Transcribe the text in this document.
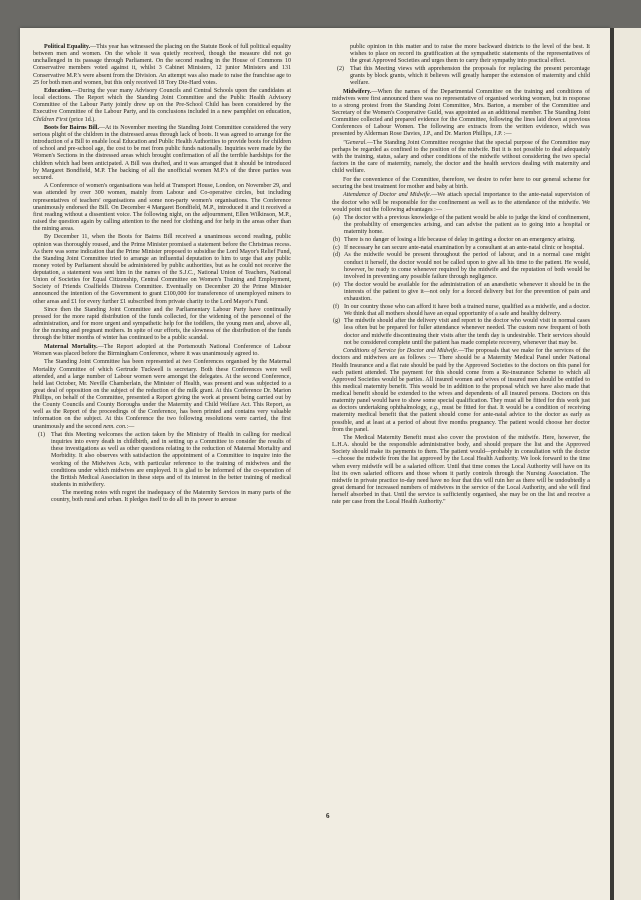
Political Equality.—This year has witnessed the placing on the Statute Book of full political equality between men and women. On the whole it was quietly received, though the measure did not go unchallenged in its passage through Parliament. On the second reading in the House of Commons 10 Conservative members voted against it, whilst 3 Cabinet Ministers, 12 junior Ministers and 131 Conservative M.P.'s were absent from the Division. An attempt was also made to raise the franchise age to 25 for both men and women, but this only received 18 Tory Die-Hard votes.

Education.—During the year many Advisory Councils and Central Schools upon the candidates at local elections. The Report which the Standing Joint Committee and the Public Health Advisory Committee of the Labour Party jointly drew up on the Pre-School Child has been considered by the Executive Committee of the Labour Party, and its conclusions included in a new pamphlet on education, Children First (price 1d.).

Boots for Bairns Bill.—At its November meeting the Standing Joint Committee considered the very serious plight of the children in the distressed areas through lack of boots. It was agreed to arrange for the introduction of a Bill to enable local Education and Public Health Authorities to provide boots for children of school and pre-school age, the cost to be met from public funds nationally. Inquiries were made by the Women's Sections in the distressed areas which brought confirmation of all the terrible hardships for the children which had been anticipated. A Bill was drafted, and it was arranged that it should be introduced by Margaret Bondfield, M.P. The backing of all the unofficial women M.P.'s of the three parties was secured.

A Conference of women's organisations was held at Transport House, London, on November 29, and was attended by over 300 women, mainly from Labour and Co-operative circles, but including representatives of teachers' organisations and some non-party women's organisations. The Conference unanimously endorsed the Bill. On December 4 Margaret Bondfield, M.P., introduced it and it received a first reading without a dissentient voice. The following night, on the adjournment, Ellen Wilkinson, M.P., raised the question again by calling attention to the need for clothing and for help in the areas other than the mining areas.

By December 11, when the Boots for Bairns Bill received a unanimous second reading, public opinion was thoroughly roused, and the Prime Minister promised a statement before the Christmas recess. As there was some indication that the Prime Minister proposed to subsidise the Lord Mayor's Relief Fund, the Standing Joint Committee tried to arrange an influential deputation to him to urge that any public money voted by Parliament should be administered by public authorities, but as he could not receive the deputation, a statement was sent him in the names of the S.J.C., National Union of Teachers, National Union of Societies for Equal Citizenship, Central Committee on Women's Training and Employment, Society of Friends Coalfields Distress Committee. Eventually on December 20 the Prime Minister announced the intention of the Government to grant £100,000 for transference of unemployed miners to other areas and £1 for every further £1 subscribed from private charity to the Lord Mayor's Fund.

Since then the Standing Joint Committee and the Parliamentary Labour Party have continually pressed for the more rapid distribution of the funds collected, for the widening of the personnel of the administration, and for more urgent and sympathetic help for the toddlers, the young men and, above all, for the nursing and pregnant mothers. In spite of our efforts, the slowness of the distribution of the funds through the bitter months of winter has continued to be a public scandal.

Maternal Mortality.—The Report adopted at the Portsmouth National Conference of Labour Women was placed before the Birmingham Conference, where it was unanimously agreed to.

The Standing Joint Committee has been represented at two Conferences organised by the Maternal Mortality Committee of which Gertrude Tuckwell is secretary. Both these Conferences were well attended, and a large number of Labour women were amongst the delegates. At the second Conference, held last October, Mr. Neville Chamberlain, the Minister of Health, was present and was subjected to a great deal of opposition on the subject of the reduction of the milk grant. At this Conference Dr. Marion Phillips, on behalf of the Committee, presented a Report giving the work at present being carried out by the County Councils and County Boroughs under the Maternity and Child Welfare Act. This Report, as well as the Report of the proceedings of the Conference, has been printed and contains very valuable information on the subject. At this Conference the two following resolutions were carried, the first unanimously and the second nem. con.:—

(1) That this Meeting welcomes the action taken by the Ministry of Health in calling for medical inquiries into every death in childbirth, and in setting up a Committee to consider the results of these investigations as well as other questions relating to the reduction of Maternal Mortality and Morbidity. It also observes with satisfaction the appointment of a Committee to inquire into the working of the Midwives Acts, with particular reference to the training of midwives and the conditions under which midwives are employed. It is glad to be informed of the co-operation of the British Medical Association in these steps and of its interest in the better training of medical students in midwifery.
The meeting notes with regret the inadequacy of the Maternity Services in many parts of the country, both rural and urban. It pledges itself to do all in its power to arouse
public opinion in this matter and to raise the more backward districts to the level of the best. It wishes to place on record its gratification at the sympathetic statements of the representatives of the great Approved Societies and urges them to carry their sympathy into practical effect.
(2) That this Meeting views with apprehension the proposals for replacing the present percentage grants by block grants, which it believes will greatly hamper the extension of maternity and child welfare.

Midwifery.—When the names of the Departmental Committee on the training and conditions of midwives were first announced there was no representative of organised working women, but in response to a strong protest from the Standing Joint Committee, Mrs. Barton, a member of the Committee and Secretary of the Women's Cooperative Guild, was appointed as an additional member. The Standing Joint Committee collected and prepared evidence for the Committee, following the lines laid down at previous Conferences of Labour Women. The following are extracts from the written evidence, which was presented by Alderman Rose Davies, J.P., and Dr. Marion Phillips, J.P. :—

"General.—The Standing Joint Committee recognise that the special purpose of the Committee may perhaps be regarded as confined to the position of the midwife. But it is not possible to deal adequately with the training, status, salary and other conditions of the midwife without considering the two special factors in the care of maternity, namely, the doctor and the health services dealing with maternity and child welfare.

For the convenience of the Committee, therefore, we desire to refer here to our general scheme for securing the best treatment for mother and baby at birth.

Attendance of Doctor and Midwife.—We attach special importance to the ante-natal supervision of the doctor who will be responsible for the confinement as well as to the attendance of the midwife. We would point out the following advantages :—

(a) The doctor with a previous knowledge of the patient would be able to judge the kind of confinement, the probability of emergencies arising, and can advise the patient as to going into a hospital or maternity home.
(b) There is no danger of losing a life because of delay in getting a doctor on an emergency arising.
(c) If necessary he can secure ante-natal examination by a consultant at an ante-natal clinic or hospital.
(d) As the midwife would be present throughout the period of labour, and in a normal case might conduct it herself, the doctor would not be called upon to give all his time to the patient. He would, however, be ready to come whenever required by the midwife and the reputation of both would be involved in preventing any possible failure through negligence.
(e) The doctor would be available for the administration of an anæsthetic whenever it should be in the interests of the patient to give it—not only for a forced delivery but for the prevention of pain and exhaustion.
(f) In our country those who can afford it have both a trained nurse, qualified as a midwife, and a doctor. We think that all mothers should have an equal opportunity of a safe and healthy delivery.
(g) The midwife should after the delivery visit and report to the doctor who would visit in normal cases less often but be prepared for fuller attendance whenever needed. The custom now frequent of both doctor and midwife discontinuing their visits after the tenth day is undesirable. Their services should not be considered complete until the patient has made complete recovery, whenever that may be.

Conditions of Service for Doctor and Midwife.—The proposals that we make for the services of the doctors and midwives are as follows :— There should be a Maternity Medical Panel under National Health Insurance and a flat rate should be paid by the Approved Societies to the doctors on this panel for each patient attended. The payment for this should come from a Re-insurance Scheme to which all Approved Societies would be parties. All insured women and wives of insured men should be entitled to this medical maternity benefit. This would be in addition to the proposal which we have also made that medical benefit should be extended to the wives and dependents of all insured persons. Doctors on this maternity panel would have to show some special qualification. They must all be fitted for this work just as doctors undertaking ophthalmology, e.g., must be fitted for that. It would be a condition of receiving maternity medical benefit that the patient should come for ante-natal advice to the doctor as early as possible, and at least at a period of about five months pregnancy. The patient would choose her doctor from the panel.

The Medical Maternity Benefit must also cover the provision of the midwife. Here, however, the L.H.A. should be the responsible administrative body, and should prepare the list and the Approved Society should make its payments to them. The patient would—probably in consultation with the doctor—choose the midwife from the list approved by the Local Health Authority. We look forward to the time when every midwife will be a salaried officer. Until that time comes the Local Authority will have on its list its own salaried officers and those whom it partly controls through the Nursing Association. The midwife in private practice to-day need have no fear that this will ruin her as there will be undoubtedly a great demand for increased numbers of midwives in the service of the Local Authority, and she will find herself absorbed in that. Until the service is sufficiently organised, she may be on the list and receive a rate per case from the Local Health Authority."

6
